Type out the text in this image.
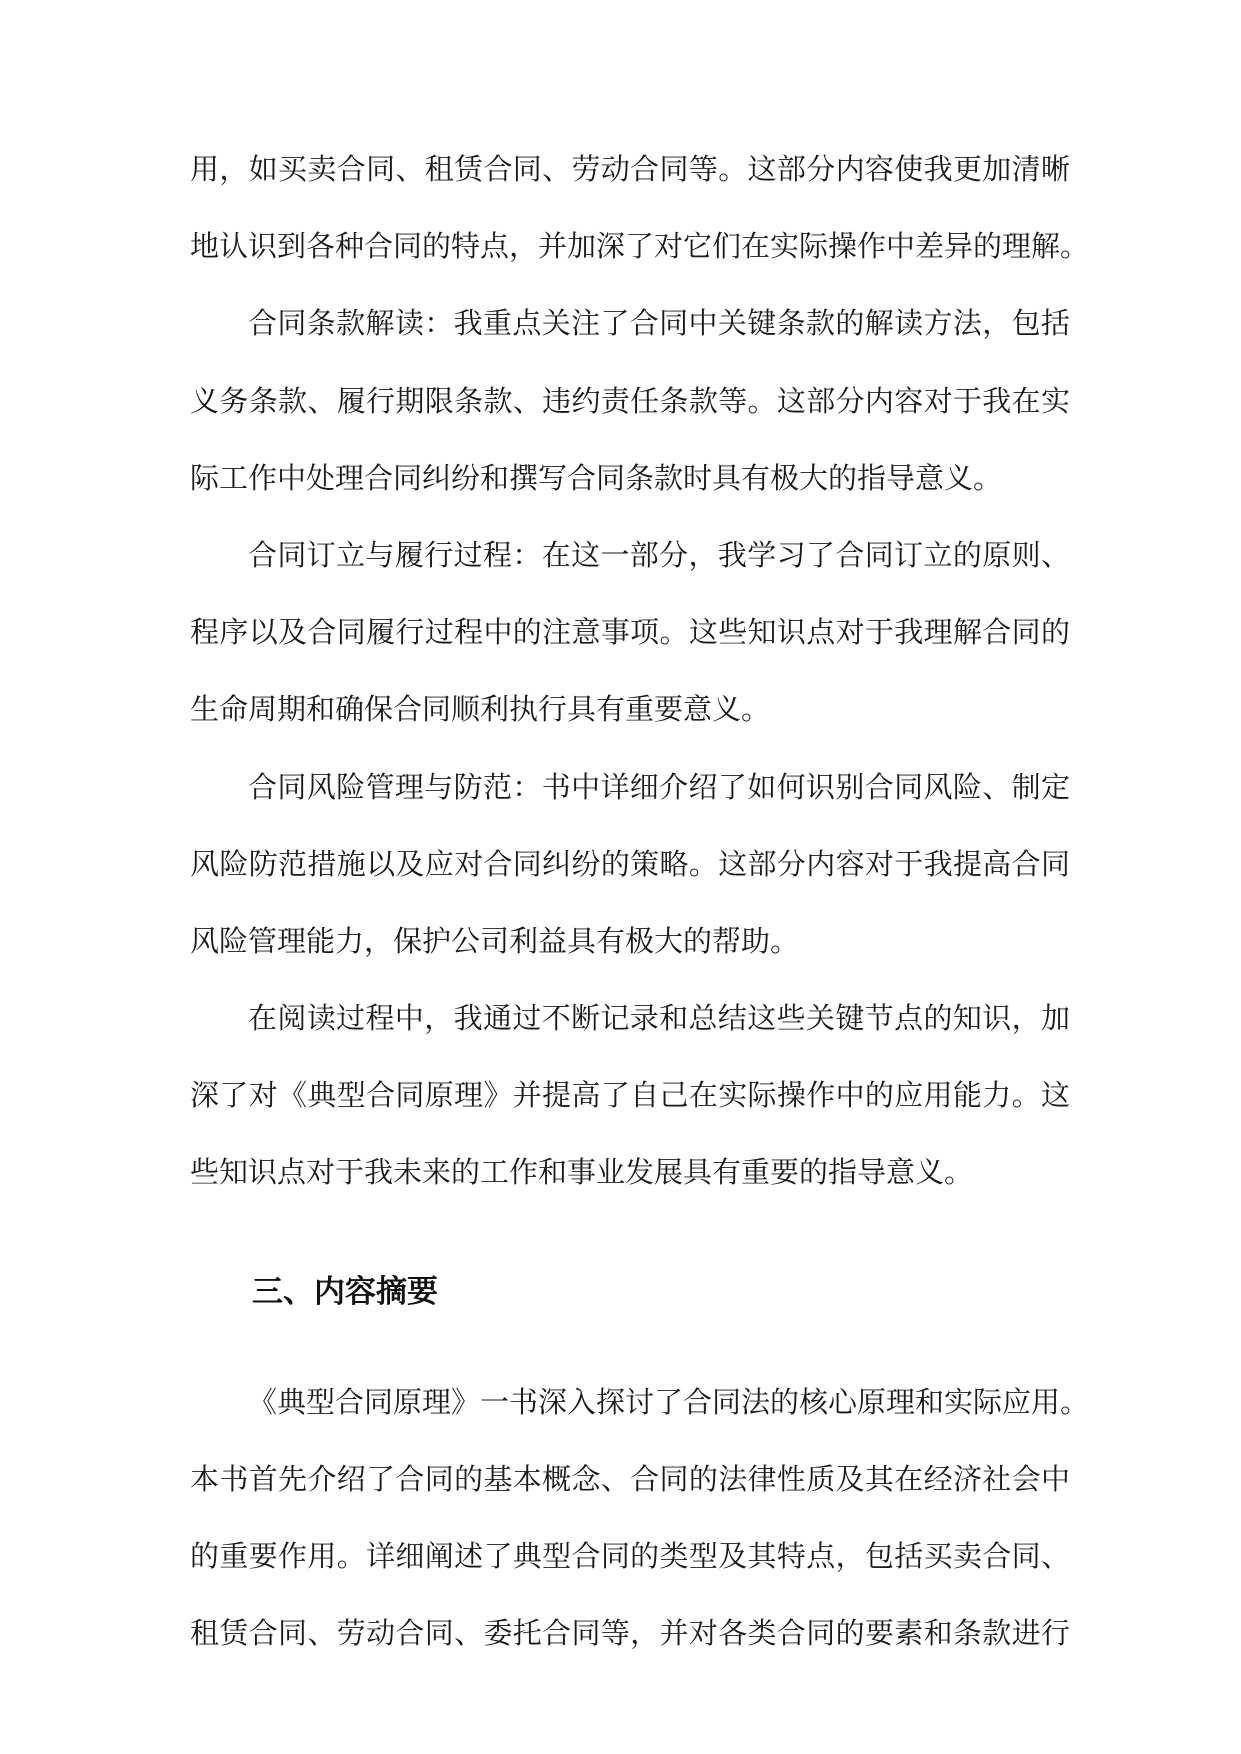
用，如买卖合同、租赁合同、劳动合同等。这部分内容使我更加清晰
地认识到各种合同的特点，并加深了对它们在实际操作中差异的理解。
合同条款解读：我重点关注了合同中关键条款的解读方法，包括
义务条款、履行期限条款、违约责任条款等。这部分内容对于我在实
际工作中处理合同纠纷和撰写合同条款时具有极大的指导意义。
合同订立与履行过程：在这一部分，我学习了合同订立的原则、
程序以及合同履行过程中的注意事项。这些知识点对于我理解合同的
生命周期和确保合同顺利执行具有重要意义。
合同风险管理与防范：书中详细介绍了如何识别合同风险、制定
风险防范措施以及应对合同纠纷的策略。这部分内容对于我提高合同
风险管理能力，保护公司利益具有极大的帮助。
在阅读过程中，我通过不断记录和总结这些关键节点的知识，加
深了对《典型合同原理》并提高了自己在实际操作中的应用能力。这
些知识点对于我未来的工作和事业发展具有重要的指导意义。
三、内容摘要
《典型合同原理》一书深入探讨了合同法的核心原理和实际应用。
本书首先介绍了合同的基本概念、合同的法律性质及其在经济社会中
的重要作用。详细阐述了典型合同的类型及其特点，包括买卖合同、
租赁合同、劳动合同、委托合同等，并对各类合同的要素和条款进行
